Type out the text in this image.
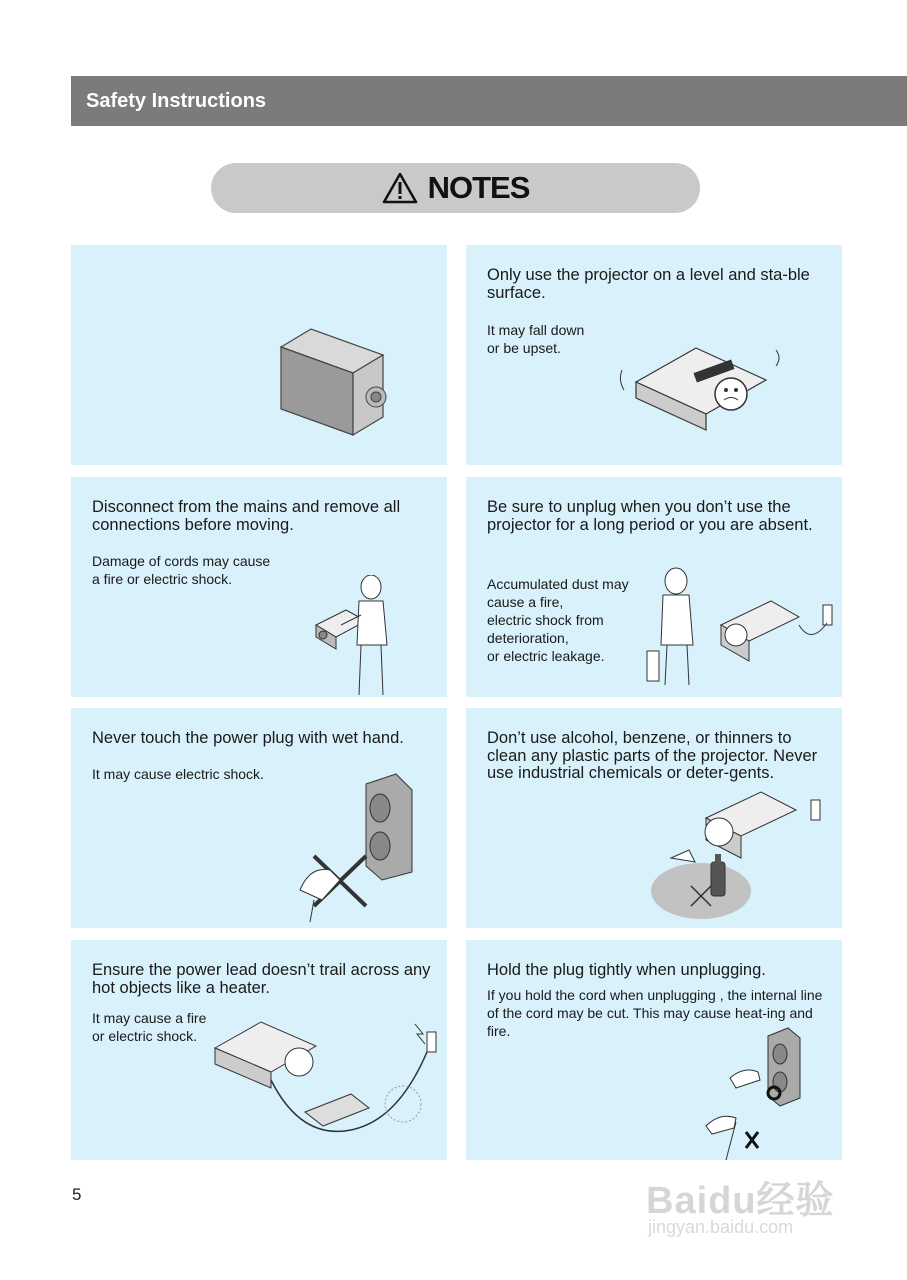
Safety Instructions
NOTES
Only use the projector on a level and sta-ble surface.
It may fall down
or be upset.
Disconnect from the mains and remove all connections before moving.
Damage of cords may cause
a fire or electric shock.
Be sure to unplug when you don’t use the projector for a long period or you are absent.
Accumulated dust may
cause a fire,
electric shock from
deterioration,
or electric leakage.
Never touch the power plug with wet hand.
It may cause electric shock.
Don’t use alcohol, benzene, or thinners to clean any plastic parts of the projector. Never use industrial chemicals or deter-gents.
Ensure the power lead doesn’t trail across any hot objects like a heater.
It may cause a fire
or electric shock.
Hold the plug tightly when unplugging.
If you hold the cord when unplugging , the internal line of the cord may be cut. This may cause heat-ing and fire.
5	Baidu经验
jingyan.baidu.com
